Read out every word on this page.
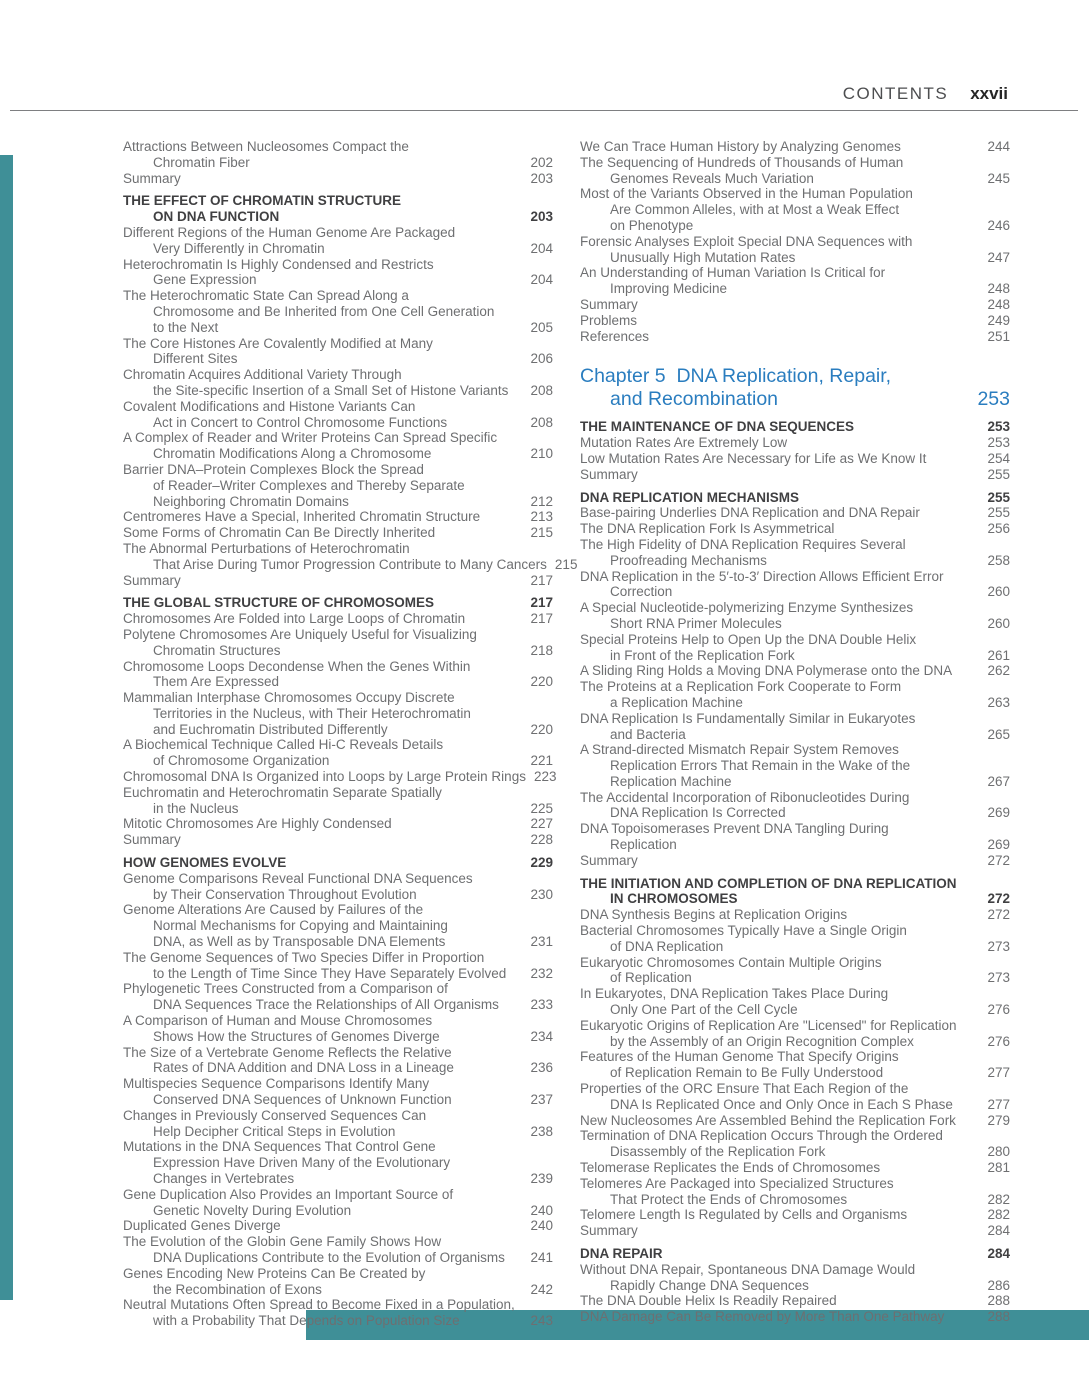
CONTENTS xxvii
Attractions Between Nucleosomes Compact the
Chromatin Fiber	202
Summary	203
THE EFFECT OF CHROMATIN STRUCTURE
ON DNA FUNCTION	203
Different Regions of the Human Genome Are Packaged
Very Differently in Chromatin	204
Heterochromatin Is Highly Condensed and Restricts
Gene Expression	204
The Heterochromatic State Can Spread Along a
Chromosome and Be Inherited from One Cell Generation
to the Next	205
The Core Histones Are Covalently Modified at Many
Different Sites	206
Chromatin Acquires Additional Variety Through
the Site-specific Insertion of a Small Set of Histone Variants	208
Covalent Modifications and Histone Variants Can
Act in Concert to Control Chromosome Functions	208
A Complex of Reader and Writer Proteins Can Spread Specific
Chromatin Modifications Along a Chromosome	210
Barrier DNA–Protein Complexes Block the Spread
of Reader–Writer Complexes and Thereby Separate
Neighboring Chromatin Domains	212
Centromeres Have a Special, Inherited Chromatin Structure	213
Some Forms of Chromatin Can Be Directly Inherited	215
The Abnormal Perturbations of Heterochromatin
That Arise During Tumor Progression Contribute to Many Cancers 215
Summary	217
THE GLOBAL STRUCTURE OF CHROMOSOMES	217
Chromosomes Are Folded into Large Loops of Chromatin	217
Polytene Chromosomes Are Uniquely Useful for Visualizing
Chromatin Structures	218
Chromosome Loops Decondense When the Genes Within
Them Are Expressed	220
Mammalian Interphase Chromosomes Occupy Discrete
Territories in the Nucleus, with Their Heterochromatin
and Euchromatin Distributed Differently	220
A Biochemical Technique Called Hi-C Reveals Details
of Chromosome Organization	221
Chromosomal DNA Is Organized into Loops by Large Protein Rings 223
Euchromatin and Heterochromatin Separate Spatially
in the Nucleus	225
Mitotic Chromosomes Are Highly Condensed	227
Summary	228
HOW GENOMES EVOLVE	229
Genome Comparisons Reveal Functional DNA Sequences
by Their Conservation Throughout Evolution	230
Genome Alterations Are Caused by Failures of the
Normal Mechanisms for Copying and Maintaining
DNA, as Well as by Transposable DNA Elements	231
The Genome Sequences of Two Species Differ in Proportion
to the Length of Time Since They Have Separately Evolved	232
Phylogenetic Trees Constructed from a Comparison of
DNA Sequences Trace the Relationships of All Organisms	233
A Comparison of Human and Mouse Chromosomes
Shows How the Structures of Genomes Diverge	234
The Size of a Vertebrate Genome Reflects the Relative
Rates of DNA Addition and DNA Loss in a Lineage	236
Multispecies Sequence Comparisons Identify Many
Conserved DNA Sequences of Unknown Function	237
Changes in Previously Conserved Sequences Can
Help Decipher Critical Steps in Evolution	238
Mutations in the DNA Sequences That Control Gene
Expression Have Driven Many of the Evolutionary
Changes in Vertebrates	239
Gene Duplication Also Provides an Important Source of
Genetic Novelty During Evolution	240
Duplicated Genes Diverge	240
The Evolution of the Globin Gene Family Shows How
DNA Duplications Contribute to the Evolution of Organisms	241
Genes Encoding New Proteins Can Be Created by
the Recombination of Exons	242
Neutral Mutations Often Spread to Become Fixed in a Population,
with a Probability That Depends on Population Size	243
We Can Trace Human History by Analyzing Genomes	244
The Sequencing of Hundreds of Thousands of Human
Genomes Reveals Much Variation	245
Most of the Variants Observed in the Human Population
Are Common Alleles, with at Most a Weak Effect
on Phenotype	246
Forensic Analyses Exploit Special DNA Sequences with
Unusually High Mutation Rates	247
An Understanding of Human Variation Is Critical for
Improving Medicine	248
Summary	248
Problems	249
References	251
Chapter 5  DNA Replication, Repair,
and Recombination	253
THE MAINTENANCE OF DNA SEQUENCES	253
Mutation Rates Are Extremely Low	253
Low Mutation Rates Are Necessary for Life as We Know It	254
Summary	255
DNA REPLICATION MECHANISMS	255
Base-pairing Underlies DNA Replication and DNA Repair	255
The DNA Replication Fork Is Asymmetrical	256
The High Fidelity of DNA Replication Requires Several
Proofreading Mechanisms	258
DNA Replication in the 5′-to-3′ Direction Allows Efficient Error
Correction	260
A Special Nucleotide-polymerizing Enzyme Synthesizes
Short RNA Primer Molecules	260
Special Proteins Help to Open Up the DNA Double Helix
in Front of the Replication Fork	261
A Sliding Ring Holds a Moving DNA Polymerase onto the DNA	262
The Proteins at a Replication Fork Cooperate to Form
a Replication Machine	263
DNA Replication Is Fundamentally Similar in Eukaryotes
and Bacteria	265
A Strand-directed Mismatch Repair System Removes
Replication Errors That Remain in the Wake of the
Replication Machine	267
The Accidental Incorporation of Ribonucleotides During
DNA Replication Is Corrected	269
DNA Topoisomerases Prevent DNA Tangling During
Replication	269
Summary	272
THE INITIATION AND COMPLETION OF DNA REPLICATION
IN CHROMOSOMES	272
DNA Synthesis Begins at Replication Origins	272
Bacterial Chromosomes Typically Have a Single Origin
of DNA Replication	273
Eukaryotic Chromosomes Contain Multiple Origins
of Replication	273
In Eukaryotes, DNA Replication Takes Place During
Only One Part of the Cell Cycle	276
Eukaryotic Origins of Replication Are "Licensed" for Replication
by the Assembly of an Origin Recognition Complex	276
Features of the Human Genome That Specify Origins
of Replication Remain to Be Fully Understood	277
Properties of the ORC Ensure That Each Region of the
DNA Is Replicated Once and Only Once in Each S Phase	277
New Nucleosomes Are Assembled Behind the Replication Fork	279
Termination of DNA Replication Occurs Through the Ordered
Disassembly of the Replication Fork	280
Telomerase Replicates the Ends of Chromosomes	281
Telomeres Are Packaged into Specialized Structures
That Protect the Ends of Chromosomes	282
Telomere Length Is Regulated by Cells and Organisms	282
Summary	284
DNA REPAIR	284
Without DNA Repair, Spontaneous DNA Damage Would
Rapidly Change DNA Sequences	286
The DNA Double Helix Is Readily Repaired	288
DNA Damage Can Be Removed by More Than One Pathway	288
